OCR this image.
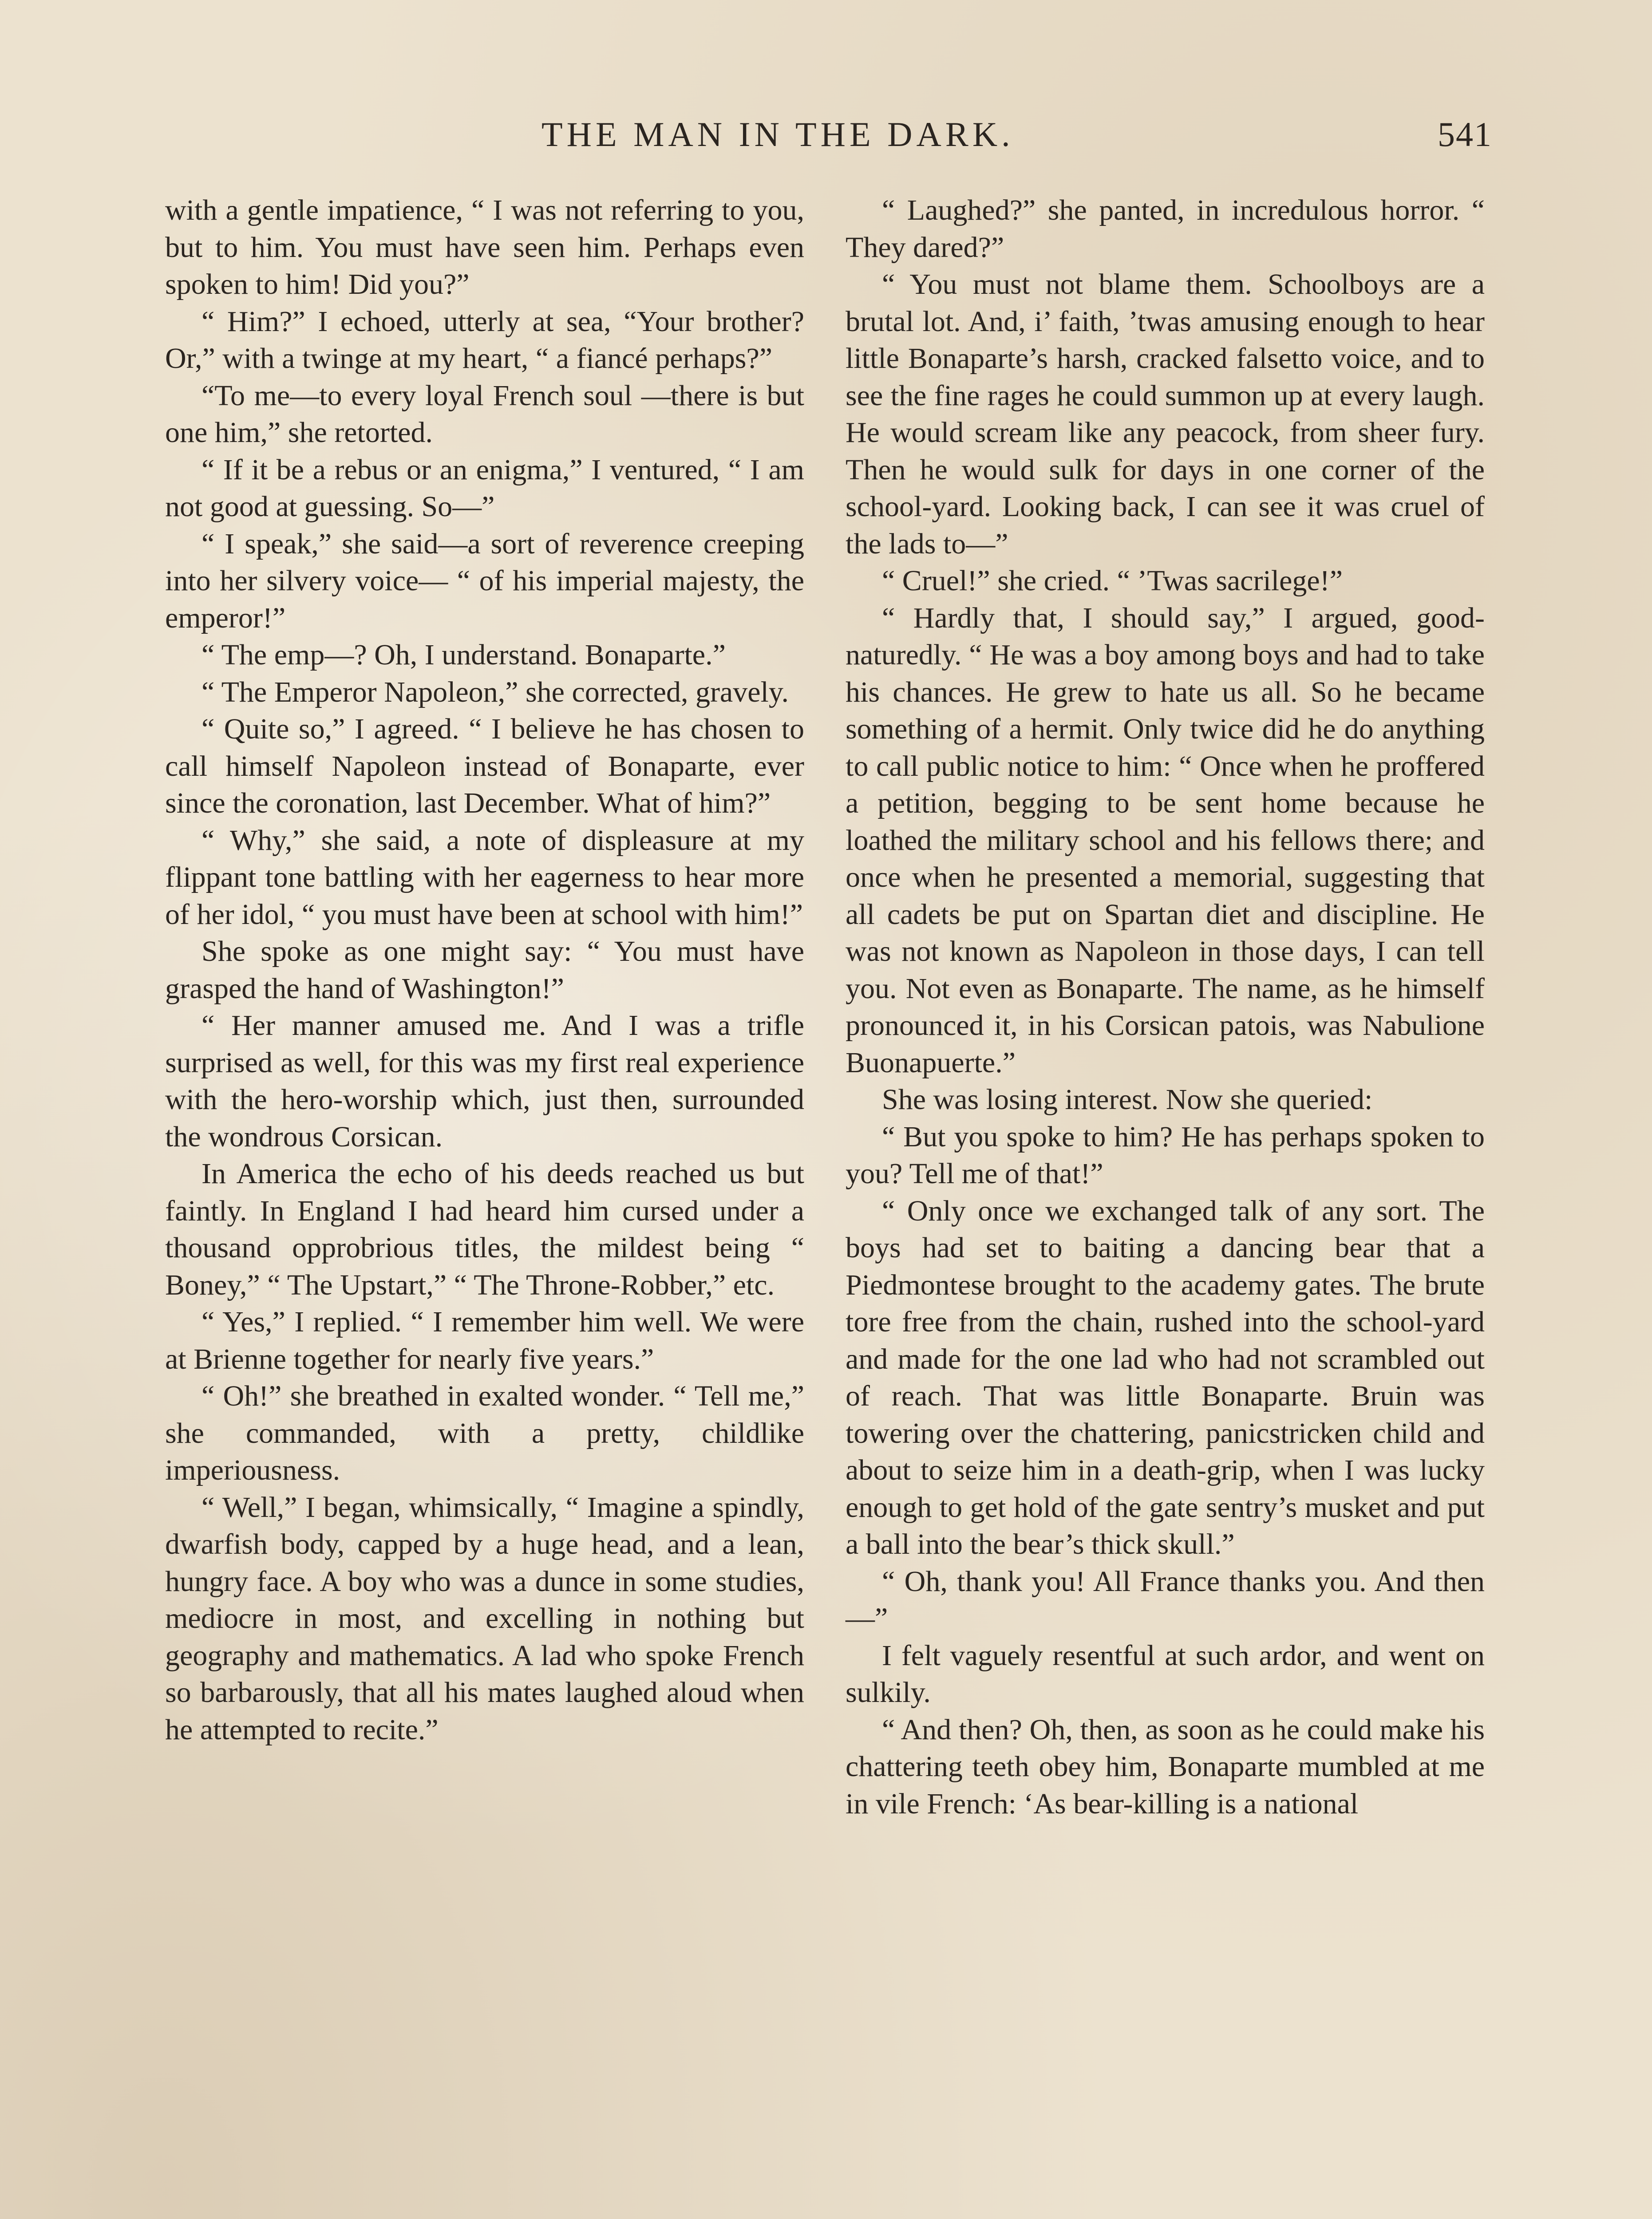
THE MAN IN THE DARK.	541

with a gentle impatience, “ I was not referring to you, but to him. You must have seen him. Perhaps even spoken to him! Did you?”

“ Him?” I echoed, utterly at sea, “Your brother? Or,” with a twinge at my heart, “ a fiancé perhaps?”

“To me—to every loyal French soul —there is but one him,” she retorted.

“ If it be a rebus or an enigma,” I ventured, “ I am not good at guessing. So—”

“ I speak,” she said—a sort of reverence creeping into her silvery voice— “ of his imperial majesty, the emperor!”

“ The emp—? Oh, I understand. Bonaparte.”

“ The Emperor Napoleon,” she corrected, gravely.

“ Quite so,” I agreed. “ I believe he has chosen to call himself Napoleon instead of Bonaparte, ever since the coronation, last December. What of him?”

“ Why,” she said, a note of displeasure at my flippant tone battling with her eagerness to hear more of her idol, “ you must have been at school with him!”

She spoke as one might say: “ You must have grasped the hand of Washington!”

“ Her manner amused me. And I was a trifle surprised as well, for this was my first real experience with the hero-worship which, just then, surrounded the wondrous Corsican.

In America the echo of his deeds reached us but faintly. In England I had heard him cursed under a thousand opprobrious titles, the mildest being “ Boney,” “ The Upstart,” “ The Throne-Robber,” etc.

“ Yes,” I replied. “ I remember him well. We were at Brienne together for nearly five years.”

“ Oh!” she breathed in exalted wonder. “ Tell me,” she commanded, with a pretty, childlike imperiousness.

“ Well,” I began, whimsically, “ Imagine a spindly, dwarfish body, capped by a huge head, and a lean, hungry face. A boy who was a dunce in some studies, mediocre in most, and excelling in nothing but geography and mathematics. A lad who spoke French so barbarously, that all his mates laughed aloud when he attempted to recite.”

“ Laughed?” she panted, in incredulous horror. “ They dared?”

“ You must not blame them. Schoolboys are a brutal lot. And, i’ faith, ’twas amusing enough to hear little Bonaparte’s harsh, cracked falsetto voice, and to see the fine rages he could summon up at every laugh. He would scream like any peacock, from sheer fury. Then he would sulk for days in one corner of the school-yard. Looking back, I can see it was cruel of the lads to—”

“ Cruel!” she cried. “ ’Twas sacrilege!”

“ Hardly that, I should say,” I argued, good-naturedly. “ He was a boy among boys and had to take his chances. He grew to hate us all. So he became something of a hermit. Only twice did he do anything to call public notice to him: “ Once when he proffered a petition, begging to be sent home because he loathed the military school and his fellows there; and once when he presented a memorial, suggesting that all cadets be put on Spartan diet and discipline. He was not known as Napoleon in those days, I can tell you. Not even as Bonaparte. The name, as he himself pronounced it, in his Corsican patois, was Nabulione Buonapuerte.”

She was losing interest. Now she queried:

“ But you spoke to him? He has perhaps spoken to you? Tell me of that!”

“ Only once we exchanged talk of any sort. The boys had set to baiting a dancing bear that a Piedmontese brought to the academy gates. The brute tore free from the chain, rushed into the school-yard and made for the one lad who had not scrambled out of reach. That was little Bonaparte. Bruin was towering over the chattering, panicstricken child and about to seize him in a death-grip, when I was lucky enough to get hold of the gate sentry’s musket and put a ball into the bear’s thick skull.”

“ Oh, thank you! All France thanks you. And then—”

I felt vaguely resentful at such ardor, and went on sulkily.

“ And then? Oh, then, as soon as he could make his chattering teeth obey him, Bonaparte mumbled at me in vile French: ‘As bear-killing is a national
